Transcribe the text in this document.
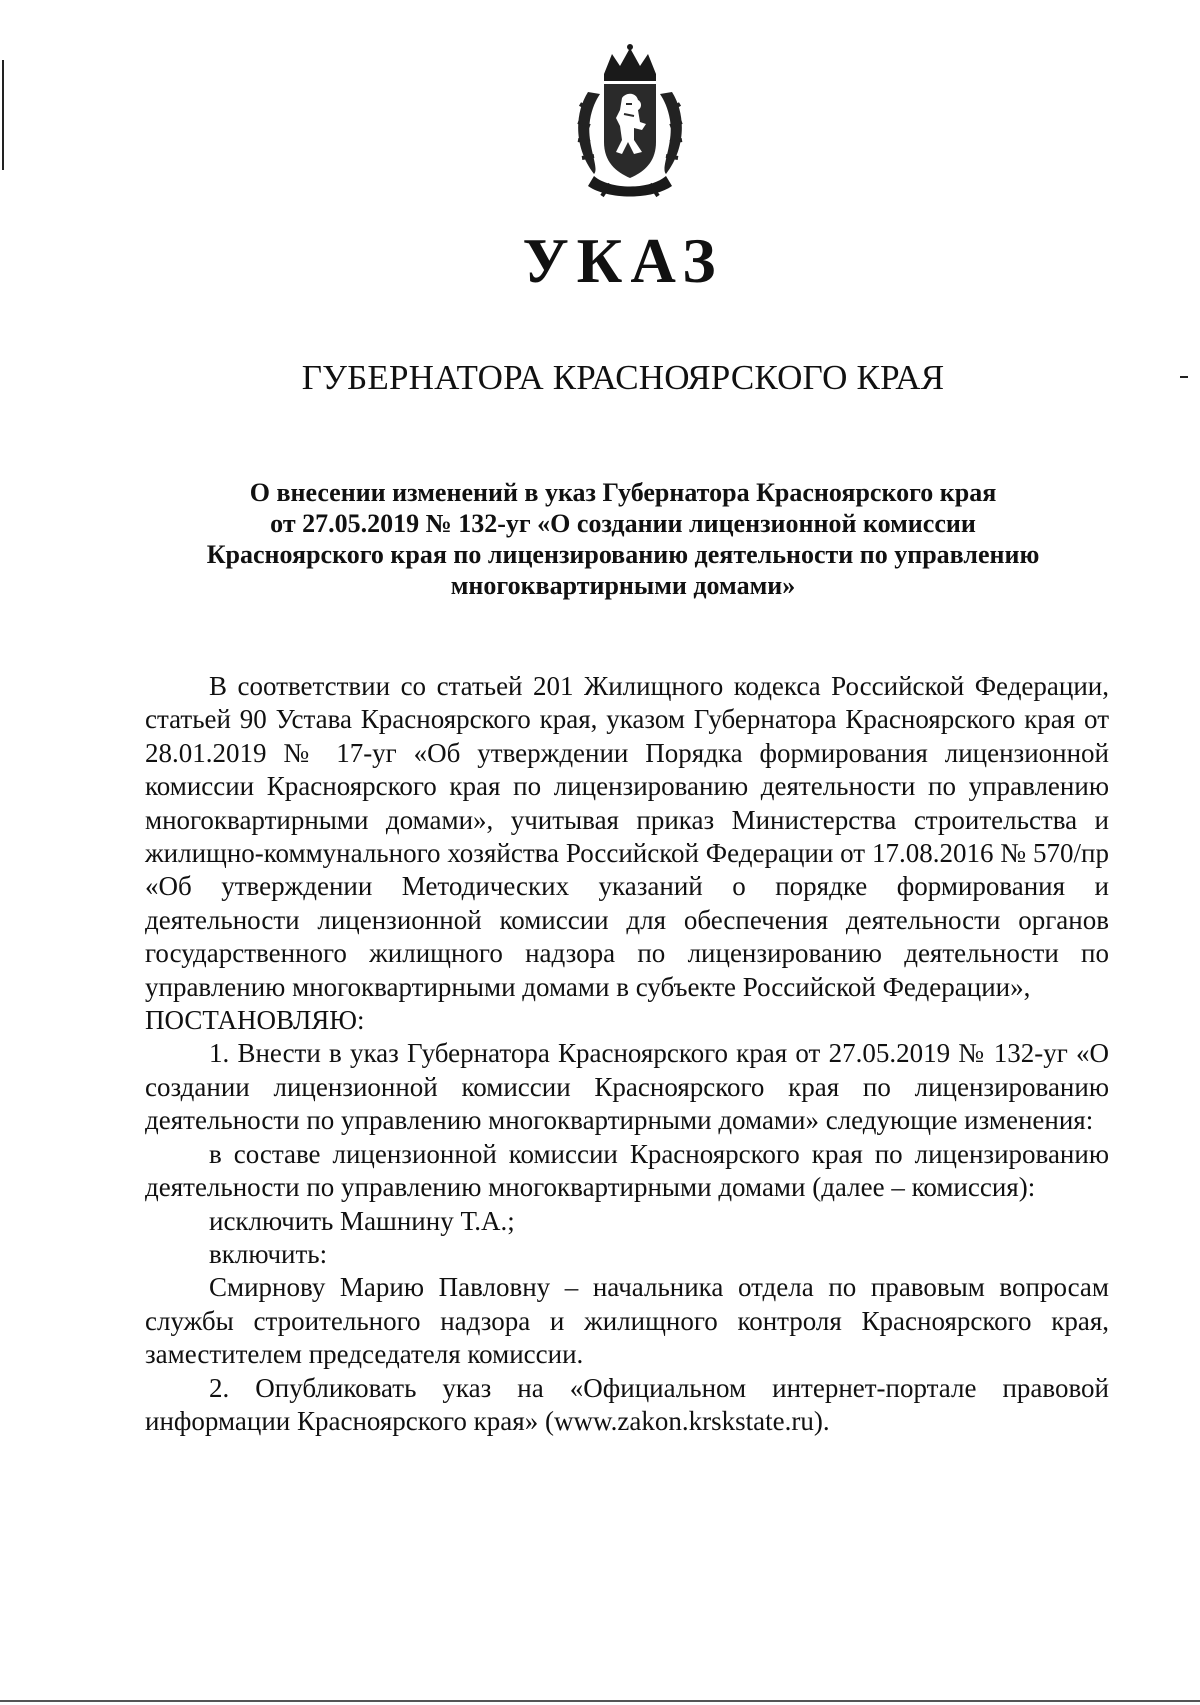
УКАЗ
ГУБЕРНАТОРА КРАСНОЯРСКОГО КРАЯ
О внесении изменений в указ Губернатора Красноярского края
от 27.05.2019 № 132-уг «О создании лицензионной комиссии
Красноярского края по лицензированию деятельности по управлению
многоквартирными домами»

В соответствии со статьей 201 Жилищного кодекса Российской Федерации, статьей 90 Устава Красноярского края, указом Губернатора Красноярского края от 28.01.2019 № 17-уг «Об утверждении Порядка формирования лицензионной комиссии Красноярского края по лицензированию деятельности по управлению многоквартирными домами», учитывая приказ Министерства строительства и жилищно-коммунального хозяйства Российской Федерации от 17.08.2016 № 570/пр «Об утверждении Методических указаний о порядке формирования и деятельности лицензионной комиссии для обеспечения деятельности органов государственного жилищного надзора по лицензированию деятельности по управлению многоквартирными домами в субъекте Российской Федерации»,

ПОСТАНОВЛЯЮ:

1. Внести в указ Губернатора Красноярского края от 27.05.2019 № 132-уг «О создании лицензионной комиссии Красноярского края по лицензированию деятельности по управлению многоквартирными домами» следующие изменения:

в составе лицензионной комиссии Красноярского края по лицензированию деятельности по управлению многоквартирными домами (далее – комиссия):

исключить Машнину Т.А.;

включить:

Смирнову Марию Павловну – начальника отдела по правовым вопросам службы строительного надзора и жилищного контроля Красноярского края, заместителем председателя комиссии.

2. Опубликовать указ на «Официальном интернет-портале правовой информации Красноярского края» (www.zakon.krskstate.ru).
